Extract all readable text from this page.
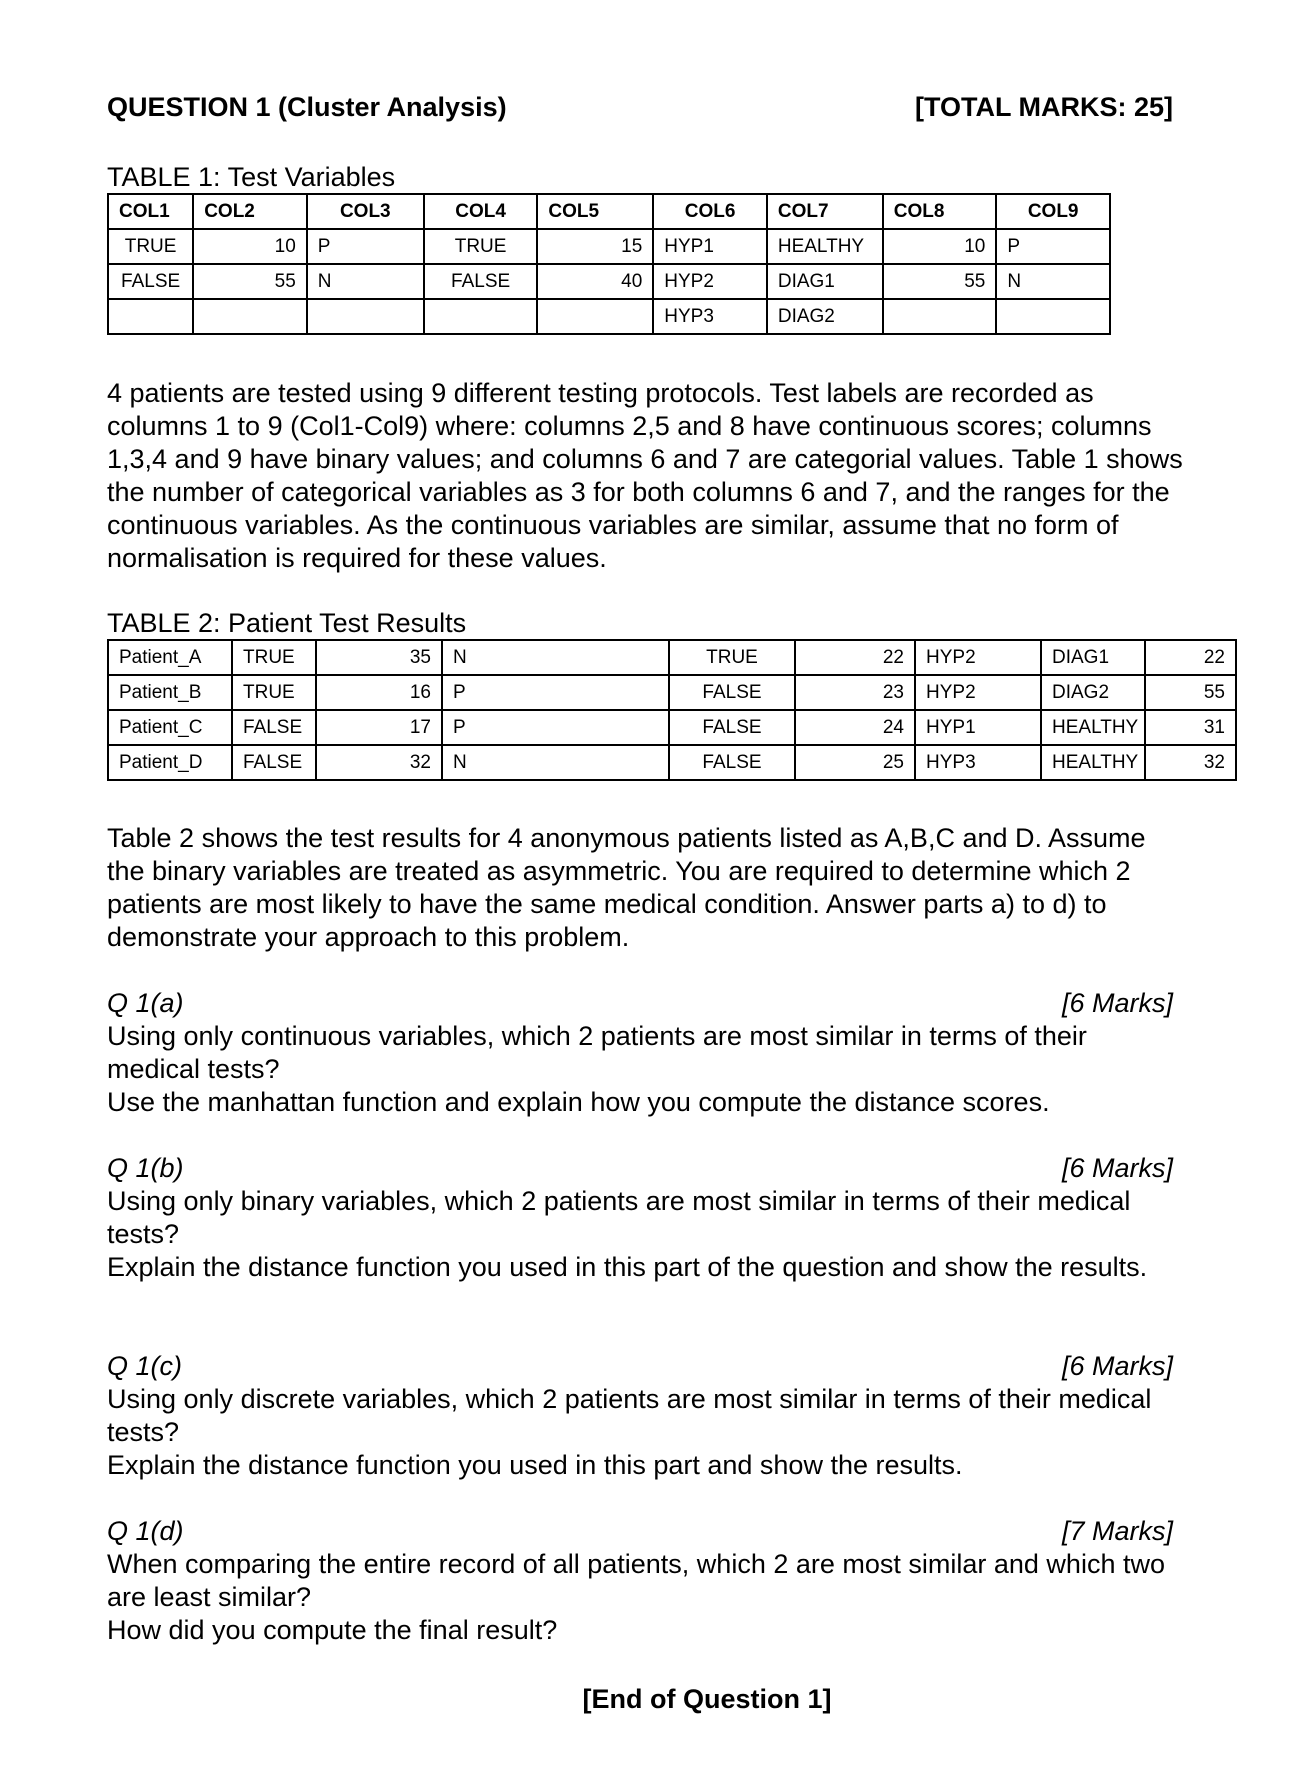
QUESTION 1 (Cluster Analysis)	[TOTAL MARKS: 25]
TABLE 1: Test Variables
COL1	COL2	COL3	COL4	COL5	COL6	COL7	COL8	COL9
TRUE	10	P	TRUE	15	HYP1	HEALTHY	10	P
FALSE	55	N	FALSE	40	HYP2	DIAG1	55	N
					HYP3	DIAG2		

4 patients are tested using 9 different testing protocols. Test labels are recorded as columns 1 to 9 (Col1-Col9) where: columns 2,5 and 8 have continuous scores; columns 1,3,4 and 9 have binary values; and columns 6 and 7 are categorial values. Table 1 shows the number of categorical variables as 3 for both columns 6 and 7, and the ranges for the continuous variables. As the continuous variables are similar, assume that no form of normalisation is required for these values.

TABLE 2: Patient Test Results
Patient_A	TRUE	35	N	TRUE	22	HYP2	DIAG1	22	
Patient_B	TRUE	16	P	FALSE	23	HYP2	DIAG2	55	
Patient_C	FALSE	17	P	FALSE	24	HYP1	HEALTHY	31	
Patient_D	FALSE	32	N	FALSE	25	HYP3	HEALTHY	32	

Table 2 shows the test results for 4 anonymous patients listed as A,B,C and D. Assume the binary variables are treated as asymmetric. You are required to determine which 2 patients are most likely to have the same medical condition. Answer parts a) to d) to demonstrate your approach to this problem.

Q 1(a)	[6 Marks]

Using only continuous variables, which 2 patients are most similar in terms of their medical tests?

Use the manhattan function and explain how you compute the distance scores.

Q 1(b)	[6 Marks]

Using only binary variables, which 2 patients are most similar in terms of their medical tests?

Explain the distance function you used in this part of the question and show the results.

Q 1(c)	[6 Marks]

Using only discrete variables, which 2 patients are most similar in terms of their medical tests?

Explain the distance function you used in this part and show the results.

Q 1(d)	[7 Marks]

When comparing the entire record of all patients, which 2 are most similar and which two are least similar?

How did you compute the final result?

[End of Question 1]
